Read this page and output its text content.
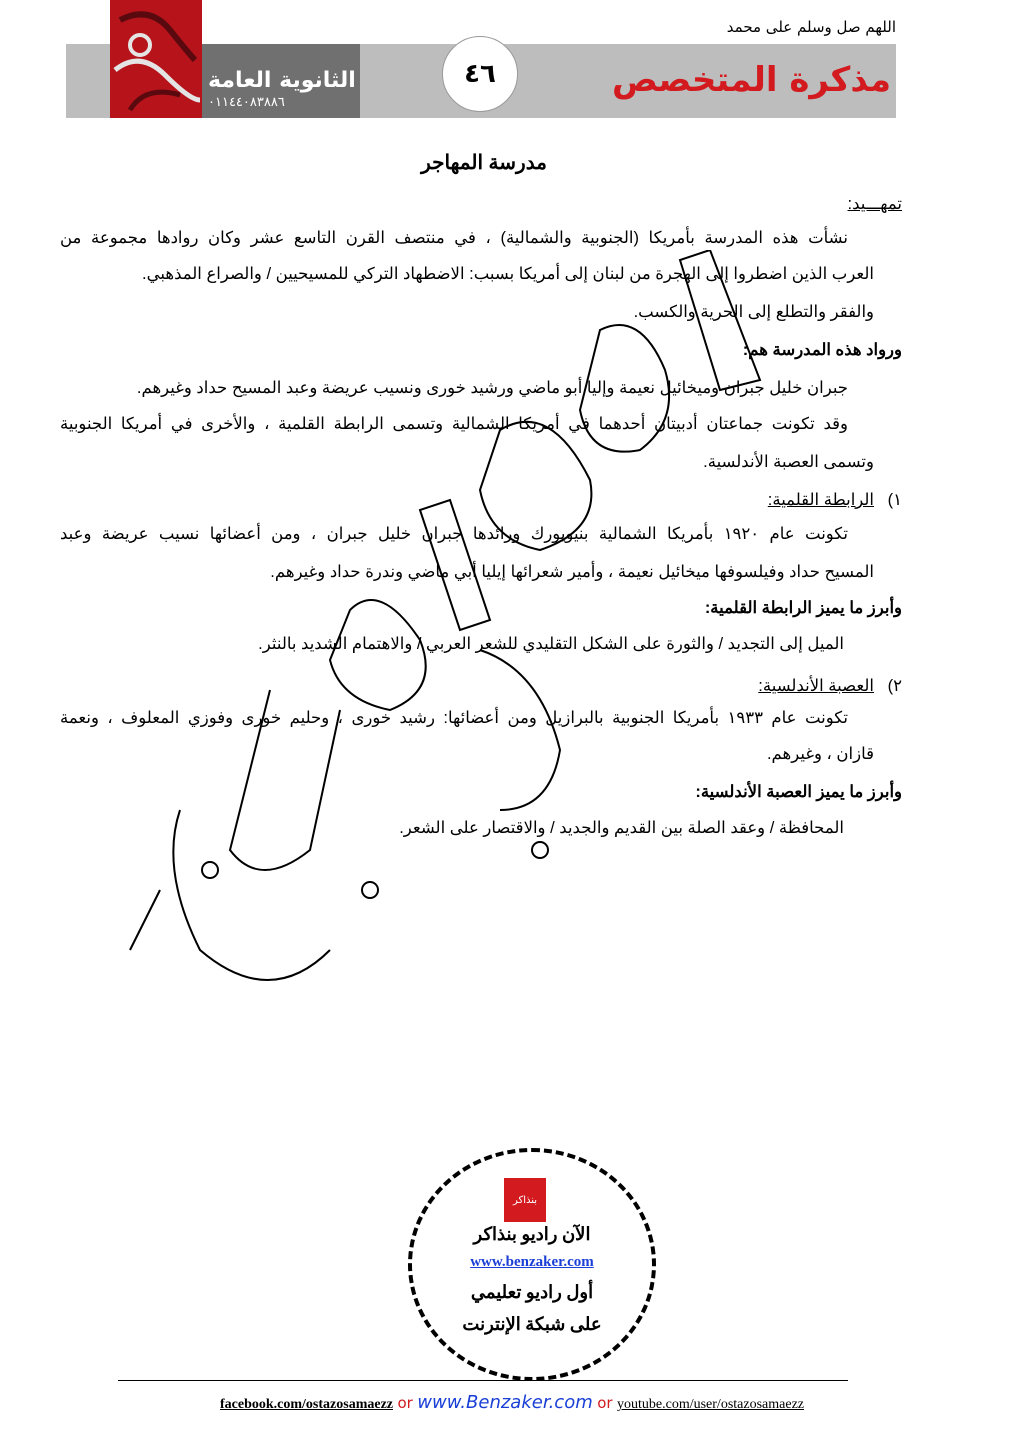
اللهم صل وسلم على محمد
الثانوية العامة
٠١١٤٤٠٨٣٨٨٦
٤٦	مذكرة المتخصص
مدرسة المهاجر
تمهـــيد:
نشأت هذه المدرسة بأمريكا (الجنوبية والشمالية) ، في منتصف القرن التاسع عشر وكان روادها مجموعة من
العرب الذين اضطروا إلى الهجرة من لبنان إلى أمريكا بسبب: الاضطهاد التركي للمسيحيين / والصراع المذهبي.
والفقر والتطلع إلى الحرية والكسب.
ورواد هذه المدرسة هم:
جبران خليل جبران وميخائيل نعيمة وإليا أبو ماضي ورشيد خورى ونسيب عريضة وعبد المسيح حداد وغيرهم.
وقد تكونت جماعتان أدبيتان أحدهما في أمريكا الشمالية وتسمى الرابطة القلمية ، والأخرى في أمريكا الجنوبية
وتسمى العصبة الأندلسية.
١)
الرابطة القلمية:
تكونت عام ١٩٢٠ بأمريكا الشمالية بنيويورك ورائدها جبران خليل جبران ، ومن أعضائها نسيب عريضة وعبد
المسيح حداد وفيلسوفها ميخائيل نعيمة ، وأمير شعرائها إيليا أبي ماضي وندرة حداد وغيرهم.
وأبرز ما يميز الرابطة القلمية:
الميل إلى التجديد / والثورة على الشكل التقليدي للشعر العربي / والاهتمام الشديد بالنثر.
٢)
العصبة الأندلسية:
تكونت عام ١٩٣٣ بأمريكا الجنوبية بالبرازيل ومن أعضائها: رشيد خورى ، وحليم خورى وفوزي المعلوف ، ونعمة
قازان ، وغيرهم.
وأبرز ما يميز العصبة الأندلسية:
المحافظة / وعقد الصلة بين القديم والجديد / والاقتصار على الشعر.
بنذاكر
الآن راديو بنذاكر
www.benzaker.com
أول راديو تعليمي
على شبكة الإنترنت
facebook.com/ostazosamaezz or www.Benzaker.com or youtube.com/user/ostazosamaezz
